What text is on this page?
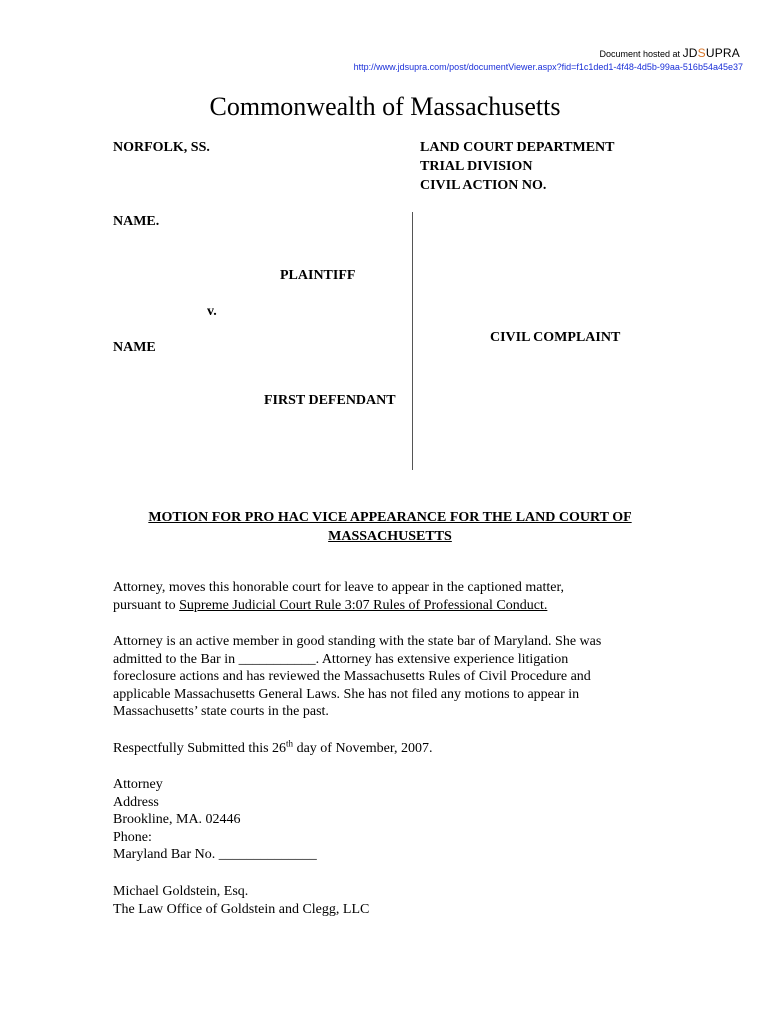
Document hosted at JDSUPRA
http://www.jdsupra.com/post/documentViewer.aspx?fid=f1c1ded1-4f48-4d5b-99aa-516b54a45e37
Commonwealth of Massachusetts
NORFOLK, SS.	LAND COURT DEPARTMENT
TRIAL DIVISION
CIVIL ACTION NO.
NAME.
PLAINTIFF
v.
NAME
FIRST DEFENDANT
CIVIL COMPLAINT
MOTION FOR PRO HAC VICE APPEARANCE FOR THE LAND COURT OF
MASSACHUSETTS
Attorney, moves this honorable court for leave to appear in the captioned matter,
pursuant to Supreme Judicial Court Rule 3:07 Rules of Professional Conduct.
Attorney is an active member in good standing with the state bar of Maryland. She was
admitted to the Bar in ___________. Attorney has extensive experience litigation
foreclosure actions and has reviewed the Massachusetts Rules of Civil Procedure and
applicable Massachusetts General Laws. She has not filed any motions to appear in
Massachusetts’ state courts in the past.
Respectfully Submitted this 26th day of November, 2007.
Attorney
Address
Brookline, MA. 02446
Phone:
Maryland Bar No. ______________
Michael Goldstein, Esq.
The Law Office of Goldstein and Clegg, LLC
